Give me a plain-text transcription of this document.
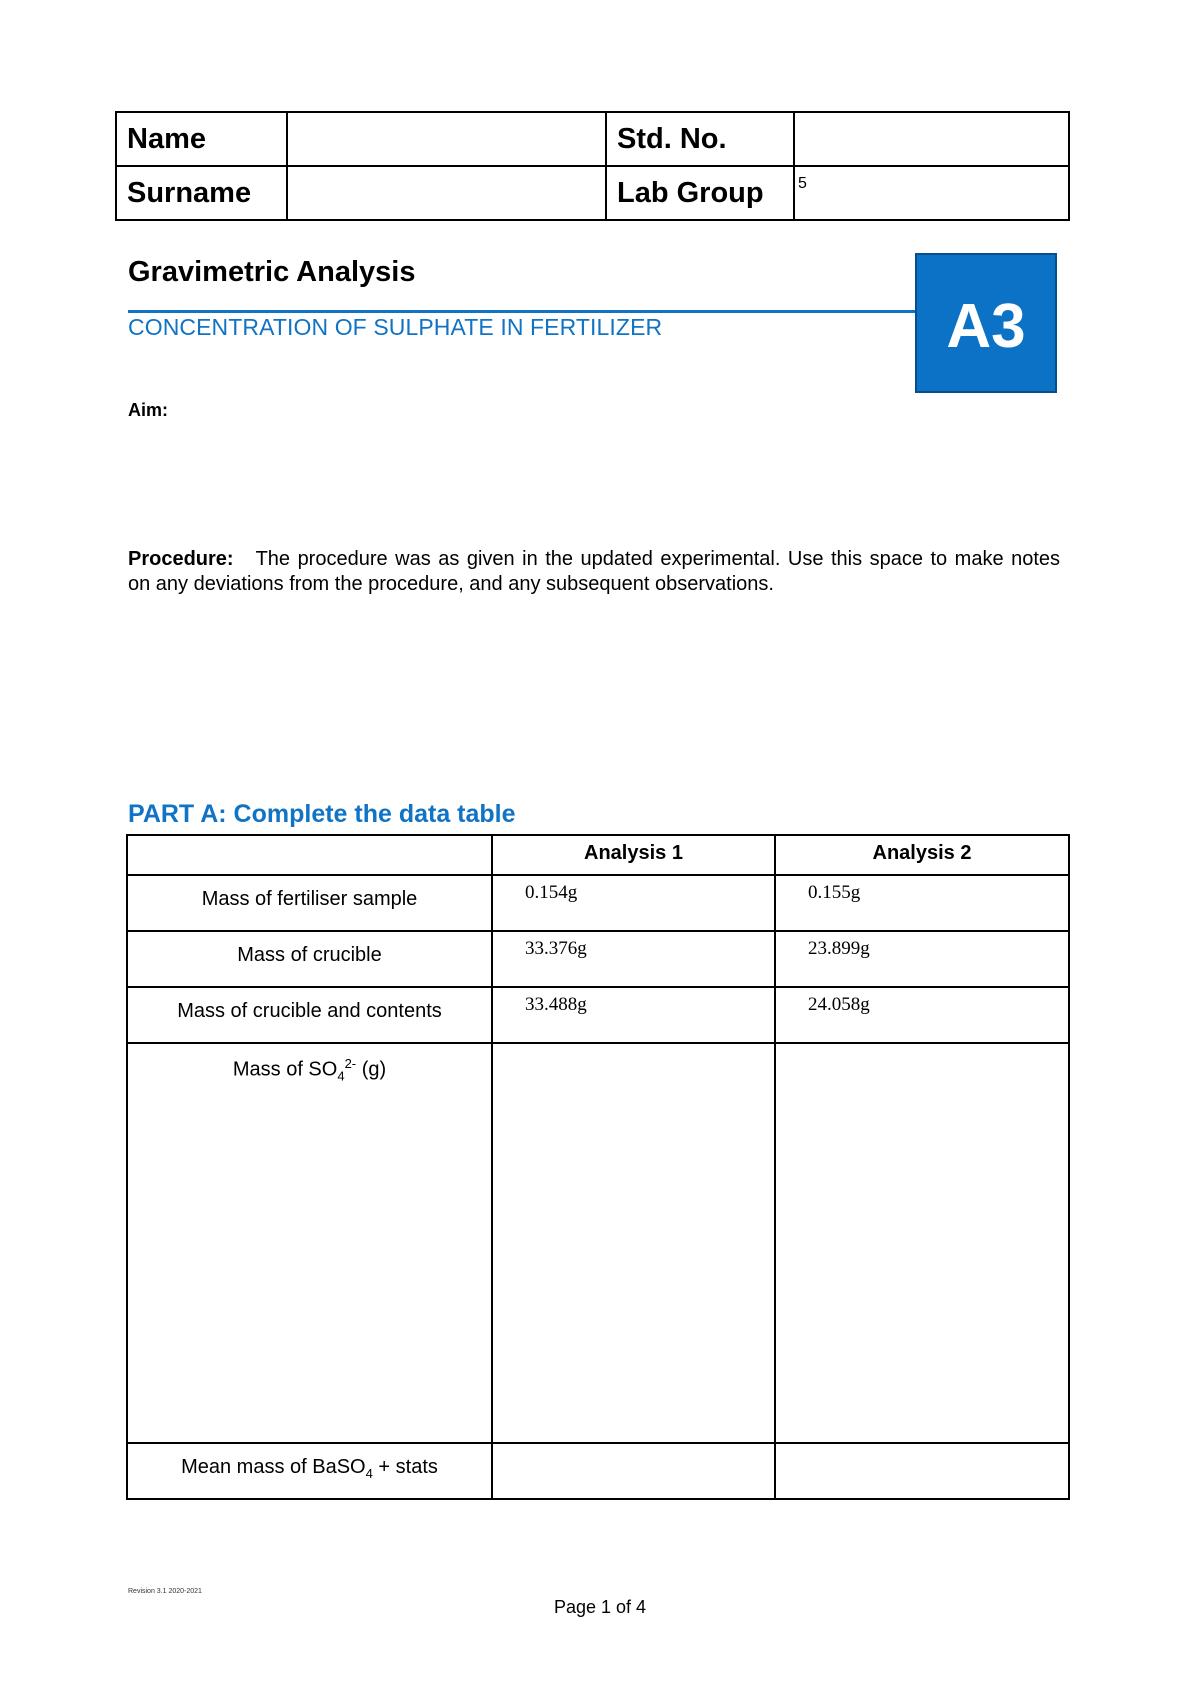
Name		Std. No.	
Surname		Lab Group	5
Gravimetric Analysis
CONCENTRATION OF SULPHATE IN FERTILIZER	A3
Aim:
Procedure: The procedure was as given in the updated experimental. Use this space to make notes on any deviations from the procedure, and any subsequent observations.
PART A: Complete the data table
	Analysis 1	Analysis 2
Mass of fertiliser sample	0.154g	0.155g
Mass of crucible	33.376g	23.899g
Mass of crucible and contents	33.488g	24.058g
Mass of $SO_4^{2-}$ (g)		
Mean mass of BaSO$_4$ + stats		
Revision 3.1 2020-2021
Page 1 of 4
